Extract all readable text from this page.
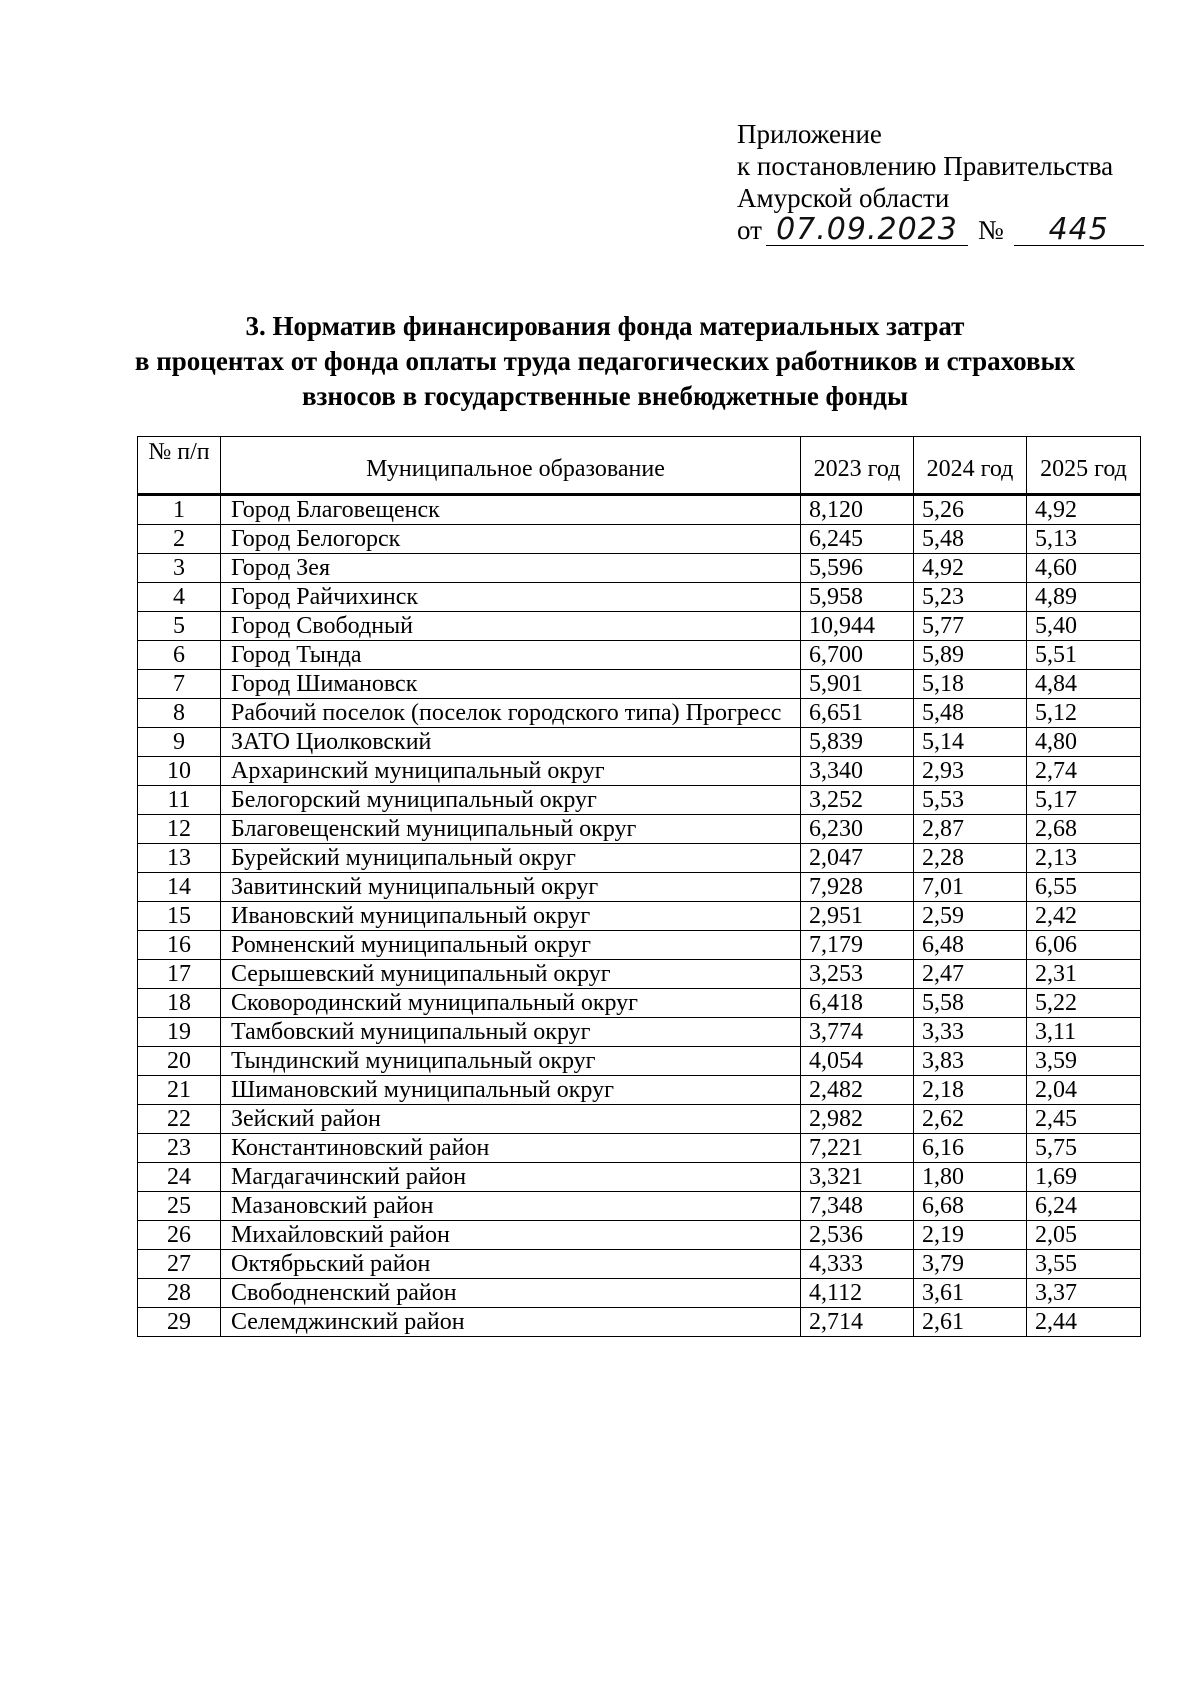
Приложение
к постановлению Правительства
Амурской области
от 07.09.2023 №	445
3. Норматив финансирования фонда материальных затрат
в процентах от фонда оплаты труда педагогических работников и страховых
взносов в государственные внебюджетные фонды
№ п/п	Муниципальное образование	2023 год	2024 год	2025 год
1	Город Благовещенск	8,120	5,26	4,92
2	Город Белогорск	6,245	5,48	5,13
3	Город Зея	5,596	4,92	4,60
4	Город Райчихинск	5,958	5,23	4,89
5	Город Свободный	10,944	5,77	5,40
6	Город Тында	6,700	5,89	5,51
7	Город Шимановск	5,901	5,18	4,84
8	Рабочий поселок (поселок городского типа) Прогресс	6,651	5,48	5,12
9	ЗАТО Циолковский	5,839	5,14	4,80
10	Архаринский муниципальный округ	3,340	2,93	2,74
11	Белогорский муниципальный округ	3,252	5,53	5,17
12	Благовещенский муниципальный округ	6,230	2,87	2,68
13	Бурейский муниципальный округ	2,047	2,28	2,13
14	Завитинский муниципальный округ	7,928	7,01	6,55
15	Ивановский муниципальный округ	2,951	2,59	2,42
16	Ромненский муниципальный округ	7,179	6,48	6,06
17	Серышевский муниципальный округ	3,253	2,47	2,31
18	Сковородинский муниципальный округ	6,418	5,58	5,22
19	Тамбовский муниципальный округ	3,774	3,33	3,11
20	Тындинский муниципальный округ	4,054	3,83	3,59
21	Шимановский муниципальный округ	2,482	2,18	2,04
22	Зейский район	2,982	2,62	2,45
23	Константиновский район	7,221	6,16	5,75
24	Магдагачинский район	3,321	1,80	1,69
25	Мазановский район	7,348	6,68	6,24
26	Михайловский район	2,536	2,19	2,05
27	Октябрьский район	4,333	3,79	3,55
28	Свободненский район	4,112	3,61	3,37
29	Селемджинский район	2,714	2,61	2,44
